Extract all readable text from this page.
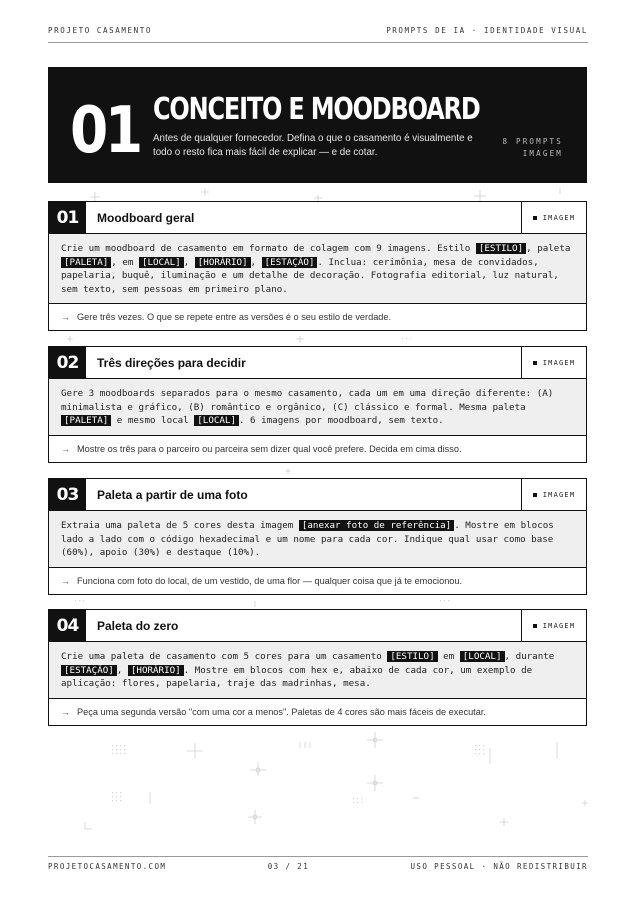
PROJETO CASAMENTO	PROMPTS DE IA · IDENTIDADE VISUAL
01 CONCEITO E MOODBOARD
Antes de qualquer fornecedor. Defina o que o casamento é visualmente e todo o resto fica mais fácil de explicar — e de cotar.
8 PROMPTS
IMAGEM
01	Moodboard geral	IMAGEM
Crie um moodboard de casamento em formato de colagem com 9 imagens. Estilo [ESTILO] , paleta [PALETA] , em [LOCAL] , [HORÁRIO] , [ESTAÇÃO] . Inclua: cerimônia, mesa de convidados, papelaria, buquê, iluminação e um detalhe de decoração. Fotografia editorial, luz natural, sem texto, sem pessoas em primeiro plano.
→ Gere três vezes. O que se repete entre as versões é o seu estilo de verdade.
02	Três direções para decidir	IMAGEM
Gere 3 moodboards separados para o mesmo casamento, cada um em uma direção diferente: (A) minimalista e gráfico, (B) romântico e orgânico, (C) clássico e formal. Mesma paleta [PALETA] e mesmo local [LOCAL] . 6 imagens por moodboard, sem texto.
→ Mostre os três para o parceiro ou parceira sem dizer qual você prefere. Decida em cima disso.
03	Paleta a partir de uma foto	IMAGEM
Extraia uma paleta de 5 cores desta imagem [anexar foto de referência] . Mostre em blocos lado a lado com o código hexadecimal e um nome para cada cor. Indique qual usar como base (60%), apoio (30%) e destaque (10%).
→ Funciona com foto do local, de um vestido, de uma flor — qualquer coisa que já te emocionou.
04	Paleta do zero	IMAGEM
Crie uma paleta de casamento com 5 cores para um casamento [ESTILO] em [LOCAL] , durante [ESTAÇÃO] , [HORÁRIO] . Mostre em blocos com hex e, abaixo de cada cor, um exemplo de aplicação: flores, papelaria, traje das madrinhas, mesa.
→ Peça uma segunda versão "com uma cor a menos". Paletas de 4 cores são mais fáceis de executar.
PROJETOCASAMENTO.COM	03 / 21	USO PESSOAL · NÃO REDISTRIBUIR
